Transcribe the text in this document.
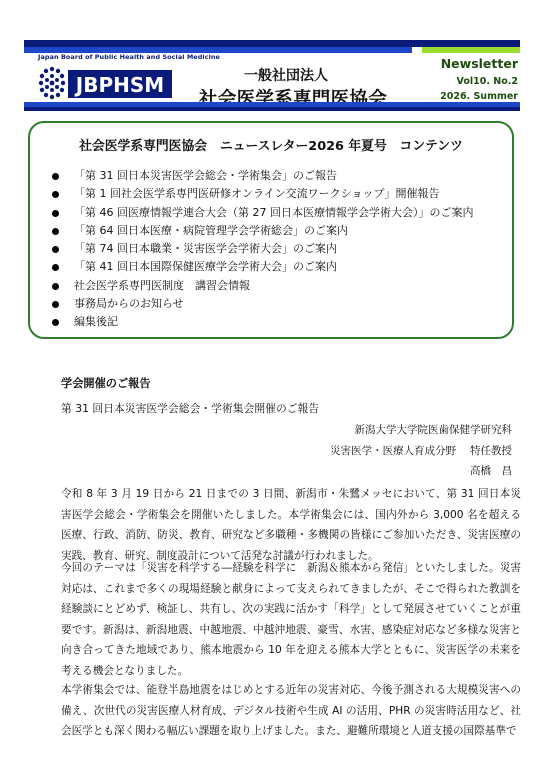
Japan Board of Public Health and Social Medicine
JBPHSM	一般社団法人
社会医学系専門医協会
Newsletter
Vol10. No.2
2026. Summer
社会医学系専門医協会　ニュースレター2026 年夏号　コンテンツ
「第 31 回日本災害医学会総会・学術集会」のご報告
「第 1 回社会医学系専門医研修オンライン交流ワークショップ」開催報告
「第 46 回医療情報学連合大会（第 27 回日本医療情報学会学術大会）」のご案内
「第 64 回日本医療・病院管理学会学術総会」のご案内
「第 74 回日本職業・災害医学会学術大会」のご案内
「第 41 回日本国際保健医療学会学術大会」のご案内
社会医学系専門医制度　講習会情報
事務局からのお知らせ
編集後記
学会開催のご報告
第 31 回日本災害医学会総会・学術集会開催のご報告
新潟大学大学院医歯保健学研究科
災害医学・医療人育成分野　 特任教授
高橋　昌

令和 8 年 3 月 19 日から 21 日までの 3 日間、新潟市・朱鷺メッセにおいて、第 31 回日本災害医学会総会・学術集会を開催いたしました。本学術集会には、国内外から 3,000 名を超える医療、行政、消防、防災、教育、研究など多職種・多機関の皆様にご参加いただき、災害医療の実践、教育、研究、制度設計について活発な討議が行われました。

今回のテーマは「災害を科学する―経験を科学に　新潟＆熊本から発信」といたしました。災害対応は、これまで多くの現場経験と献身によって支えられてきましたが、そこで得られた教訓を経験談にとどめず、検証し、共有し、次の実践に活かす「科学」として発展させていくことが重要です。新潟は、新潟地震、中越地震、中越沖地震、豪雪、水害、感染症対応など多様な災害と向き合ってきた地域であり、熊本地震から 10 年を迎える熊本大学とともに、災害医学の未来を考える機会となりました。

本学術集会では、能登半島地震をはじめとする近年の災害対応、今後予測される大規模災害への備え、次世代の災害医療人材育成、デジタル技術や生成 AI の活用、PHR の災害時活用など、社会医学とも深く関わる幅広い課題を取り上げました。また、避難所環境と人道支援の国際基準で
